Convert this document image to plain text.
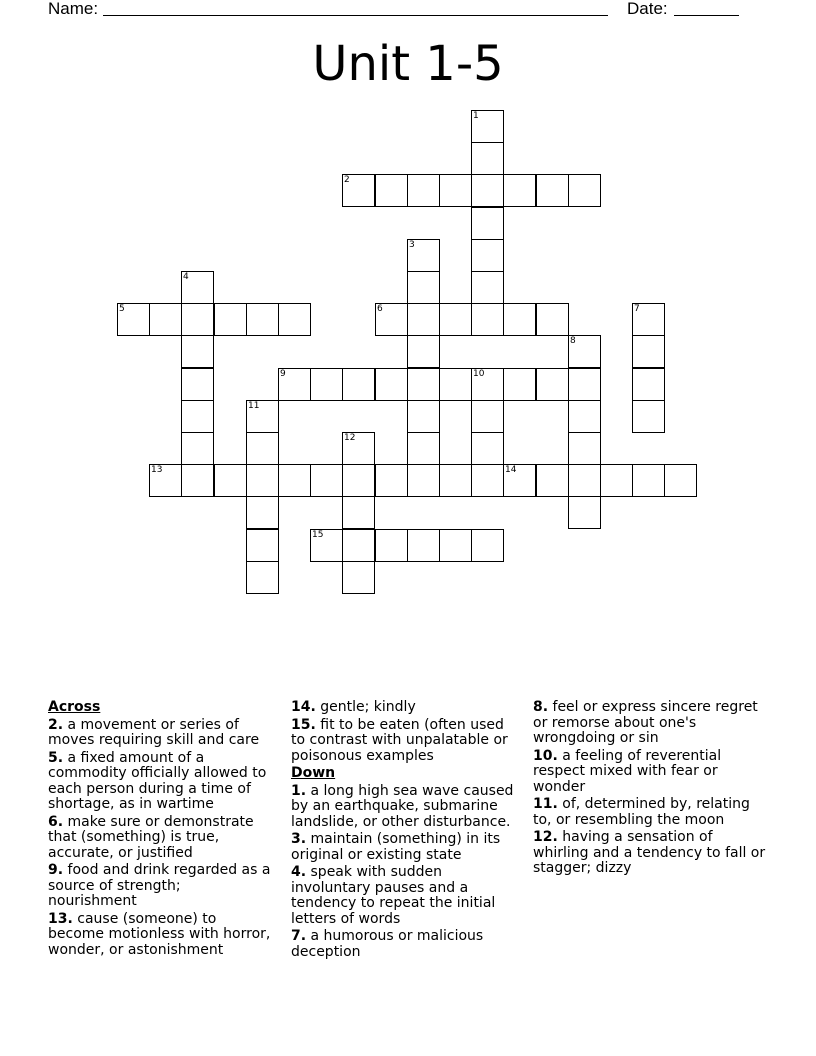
Name:	Date:
Unit 1-5
1
2
3
4
5	6	7
8
9	10
11
12
13	14
15
Across
2. a movement or series of moves requiring skill and care
5. a fixed amount of a commodity officially allowed to each person during a time of shortage, as in wartime
6. make sure or demonstrate that (something) is true, accurate, or justified
9. food and drink regarded as a source of strength; nourishment
13. cause (someone) to become motionless with horror, wonder, or astonishment
14. gentle; kindly
15. fit to be eaten (often used to contrast with unpalatable or poisonous examples
Down
1. a long high sea wave caused by an earthquake, submarine landslide, or other disturbance.
3. maintain (something) in its original or existing state
4. speak with sudden involuntary pauses and a tendency to repeat the initial letters of words
7. a humorous or malicious deception
8. feel or express sincere regret or remorse about one's wrongdoing or sin
10. a feeling of reverential respect mixed with fear or wonder
11. of, determined by, relating to, or resembling the moon
12. having a sensation of whirling and a tendency to fall or stagger; dizzy
